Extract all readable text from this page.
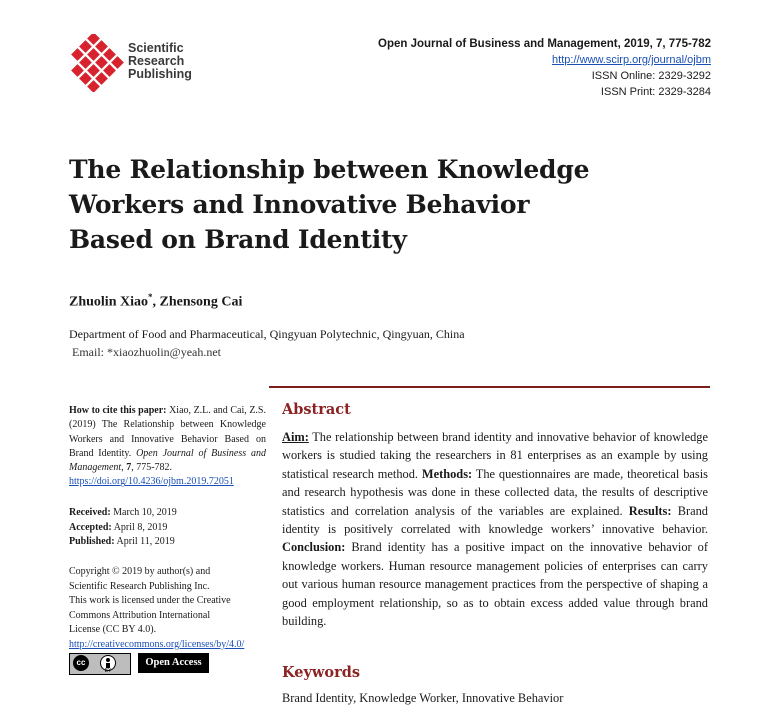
Scientific
Research
Publishing
Open Journal of Business and Management, 2019, 7, 775-782
http://www.scirp.org/journal/ojbm
ISSN Online: 2329-3292
ISSN Print: 2329-3284
The Relationship between Knowledge
Workers and Innovative Behavior
Based on Brand Identity
Zhuolin Xiao*, Zhensong Cai
Department of Food and Pharmaceutical, Qingyuan Polytechnic, Qingyuan, China
Email: *xiaozhuolin@yeah.net
Abstract
Aim: The relationship between brand identity and innovative behavior of knowledge workers is studied taking the researchers in 81 enterprises as an example by using statistical research method. Methods: The questionnaires are made, theoretical basis and research hypothesis was done in these collected data, the results of descriptive statistics and correlation analysis of the variables are explained. Results: Brand identity is positively correlated with knowledge workers’ innovative behavior. Conclusion: Brand identity has a positive impact on the innovative behavior of knowledge workers. Human resource management policies of enterprises can carry out various human resource management practices from the perspective of shaping a good employment relationship, so as to obtain excess added value through brand building.
Keywords
Brand Identity, Knowledge Worker, Innovative Behavior
How to cite this paper: Xiao, Z.L. and Cai, Z.S. (2019) The Relationship between Knowledge Workers and Innovative Behavior Based on Brand Identity. Open Journal of Business and Management, 7, 775-782.
https://doi.org/10.4236/ojbm.2019.72051
Received: March 10, 2019
Accepted: April 8, 2019
Published: April 11, 2019
Copyright © 2019 by author(s) and
Scientific Research Publishing Inc.
This work is licensed under the Creative
Commons Attribution International
License (CC BY 4.0).
http://creativecommons.org/licenses/by/4.0/
cc
BY
Open Access
